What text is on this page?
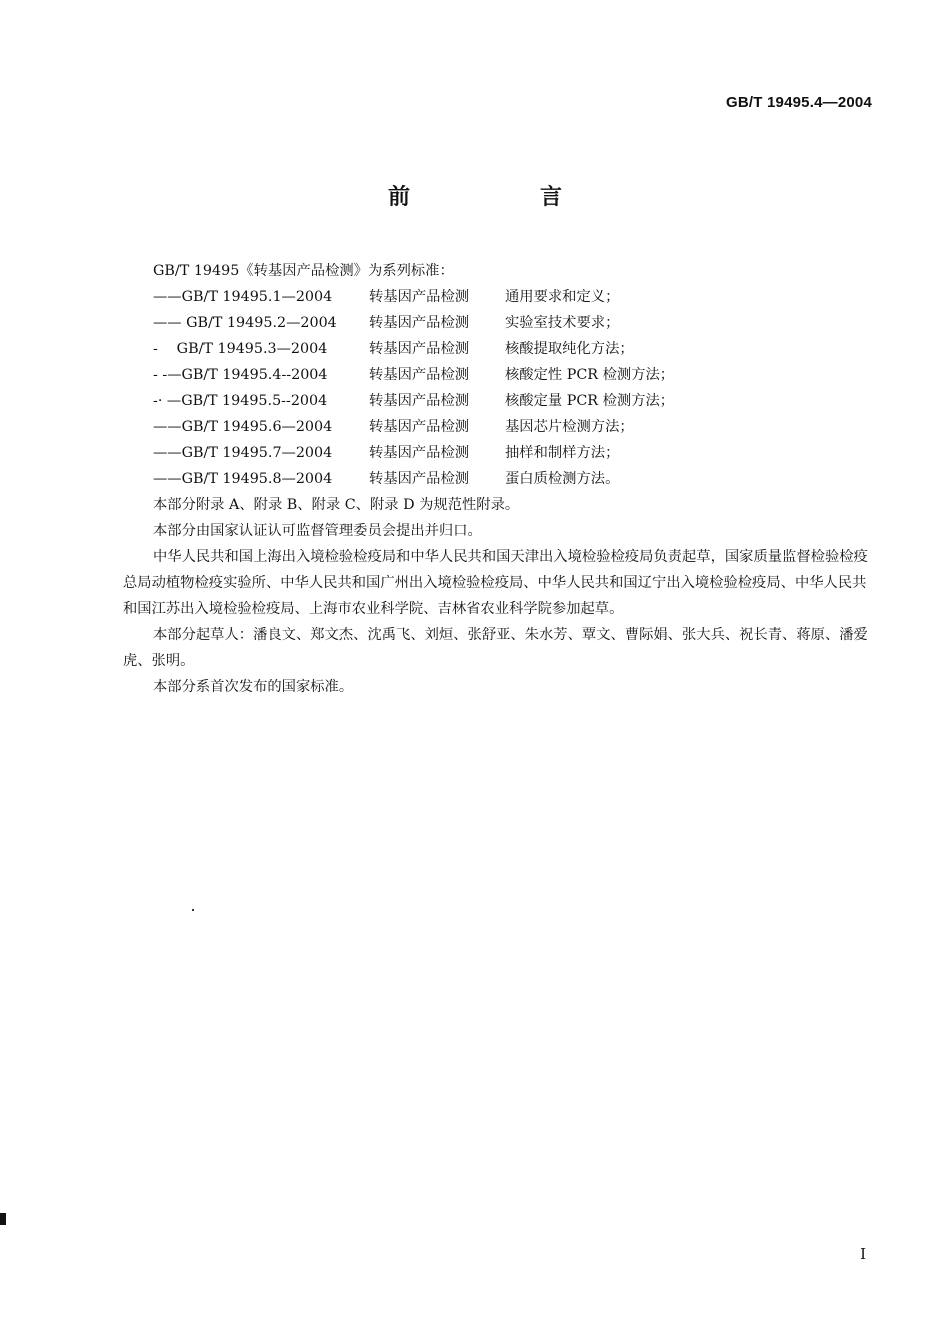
GB/T 19495.4—2004
前　言

GB/T 19495《转基因产品检测》为系列标准：

——GB/T 19495.1—2004	转基因产品检测	通用要求和定义；
—— GB/T 19495.2—2004	转基因产品检测	实验室技术要求；
-　 GB/T 19495.3—2004	转基因产品检测	核酸提取纯化方法；
- -—GB/T 19495.4--2004	转基因产品检测	核酸定性 PCR 检测方法；
-· —GB/T 19495.5--2004	转基因产品检测	核酸定量 PCR 检测方法；
——GB/T 19495.6—2004	转基因产品检测	基因芯片检测方法；
——GB/T 19495.7—2004	转基因产品检测	抽样和制样方法；
——GB/T 19495.8—2004	转基因产品检测	蛋白质检测方法。

本部分附录 A、附录 B、附录 C、附录 D 为规范性附录。

本部分由国家认证认可监督管理委员会提出并归口。

中华人民共和国上海出入境检验检疫局和中华人民共和国天津出入境检验检疫局负责起草，国家质量监督检验检疫总局动植物检疫实验所、中华人民共和国广州出入境检验检疫局、中华人民共和国辽宁出入境检验检疫局、中华人民共和国江苏出入境检验检疫局、上海市农业科学院、吉林省农业科学院参加起草。

本部分起草人：潘良文、郑文杰、沈禹飞、刘烜、张舒亚、朱水芳、覃文、曹际娟、张大兵、祝长青、蒋原、潘爱虎、张明。

本部分系首次发布的国家标准。

I
